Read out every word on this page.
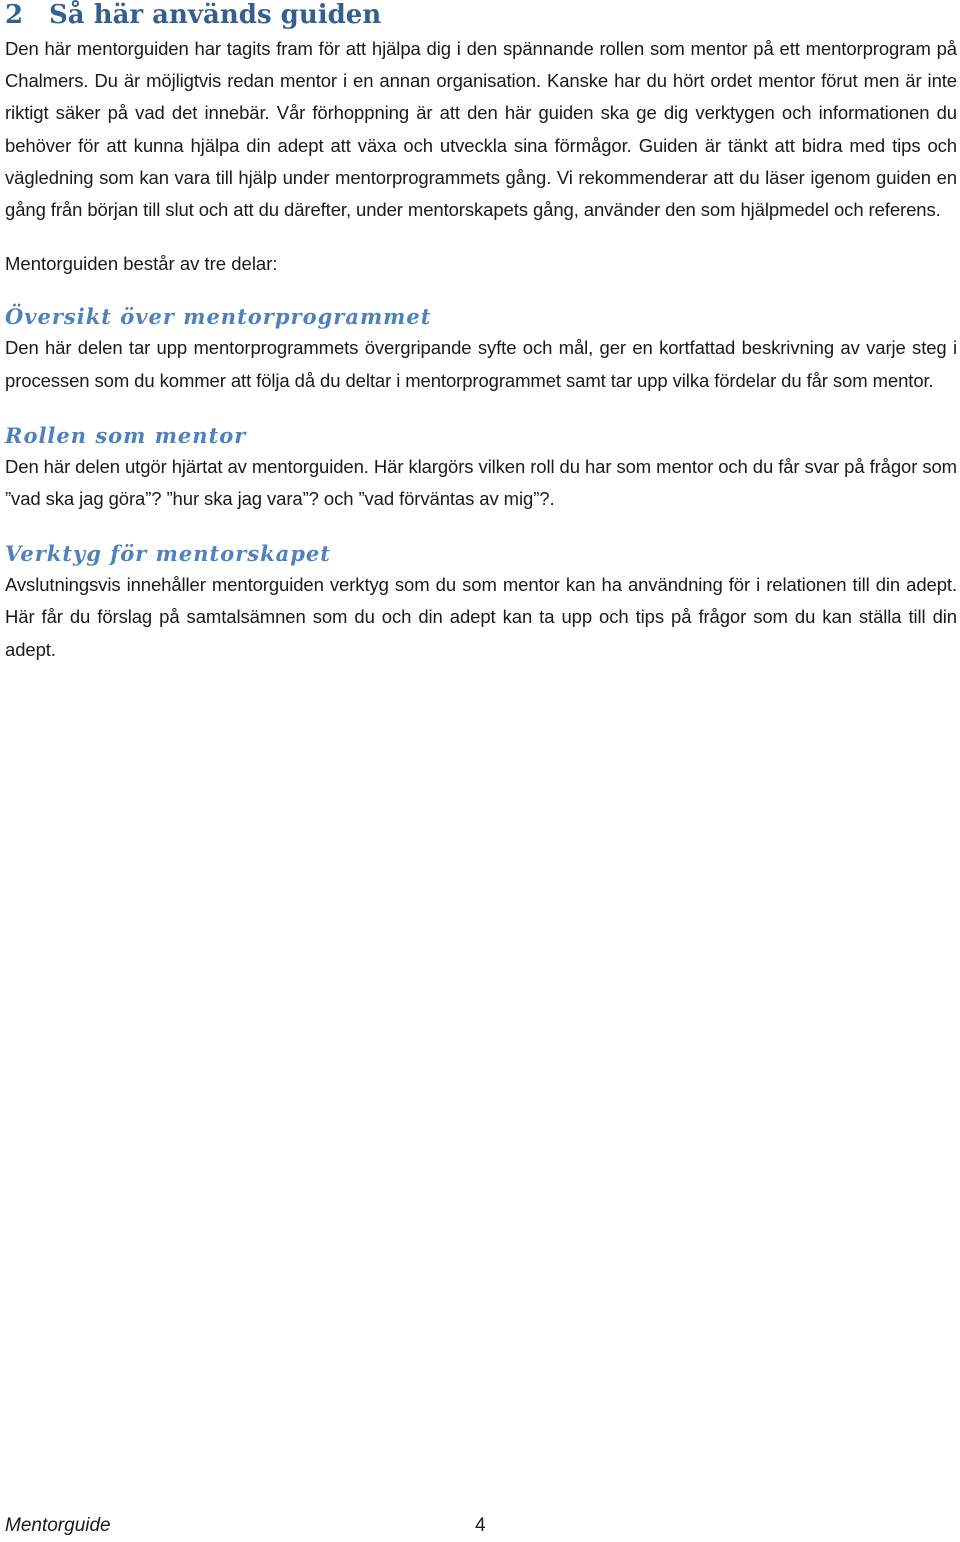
2 Så här används guiden

Den här mentorguiden har tagits fram för att hjälpa dig i den spännande rollen som mentor på ett mentorprogram på Chalmers. Du är möjligtvis redan mentor i en annan organisation. Kanske har du hört ordet mentor förut men är inte riktigt säker på vad det innebär. Vår förhoppning är att den här guiden ska ge dig verktygen och informationen du behöver för att kunna hjälpa din adept att växa och utveckla sina förmågor. Guiden är tänkt att bidra med tips och vägledning som kan vara till hjälp under mentorprogrammets gång. Vi rekommenderar att du läser igenom guiden en gång från början till slut och att du därefter, under mentorskapets gång, använder den som hjälpmedel och referens.

Mentorguiden består av tre delar:

Översikt över mentorprogrammet

Den här delen tar upp mentorprogrammets övergripande syfte och mål, ger en kortfattad beskrivning av varje steg i processen som du kommer att följa då du deltar i mentorprogrammet samt tar upp vilka fördelar du får som mentor.

Rollen som mentor

Den här delen utgör hjärtat av mentorguiden. Här klargörs vilken roll du har som mentor och du får svar på frågor som ”vad ska jag göra”? ”hur ska jag vara”? och ”vad förväntas av mig”?.

Verktyg för mentorskapet

Avslutningsvis innehåller mentorguiden verktyg som du som mentor kan ha användning för i relationen till din adept. Här får du förslag på samtalsämnen som du och din adept kan ta upp och tips på frågor som du kan ställa till din adept.

Mentorguide	4
